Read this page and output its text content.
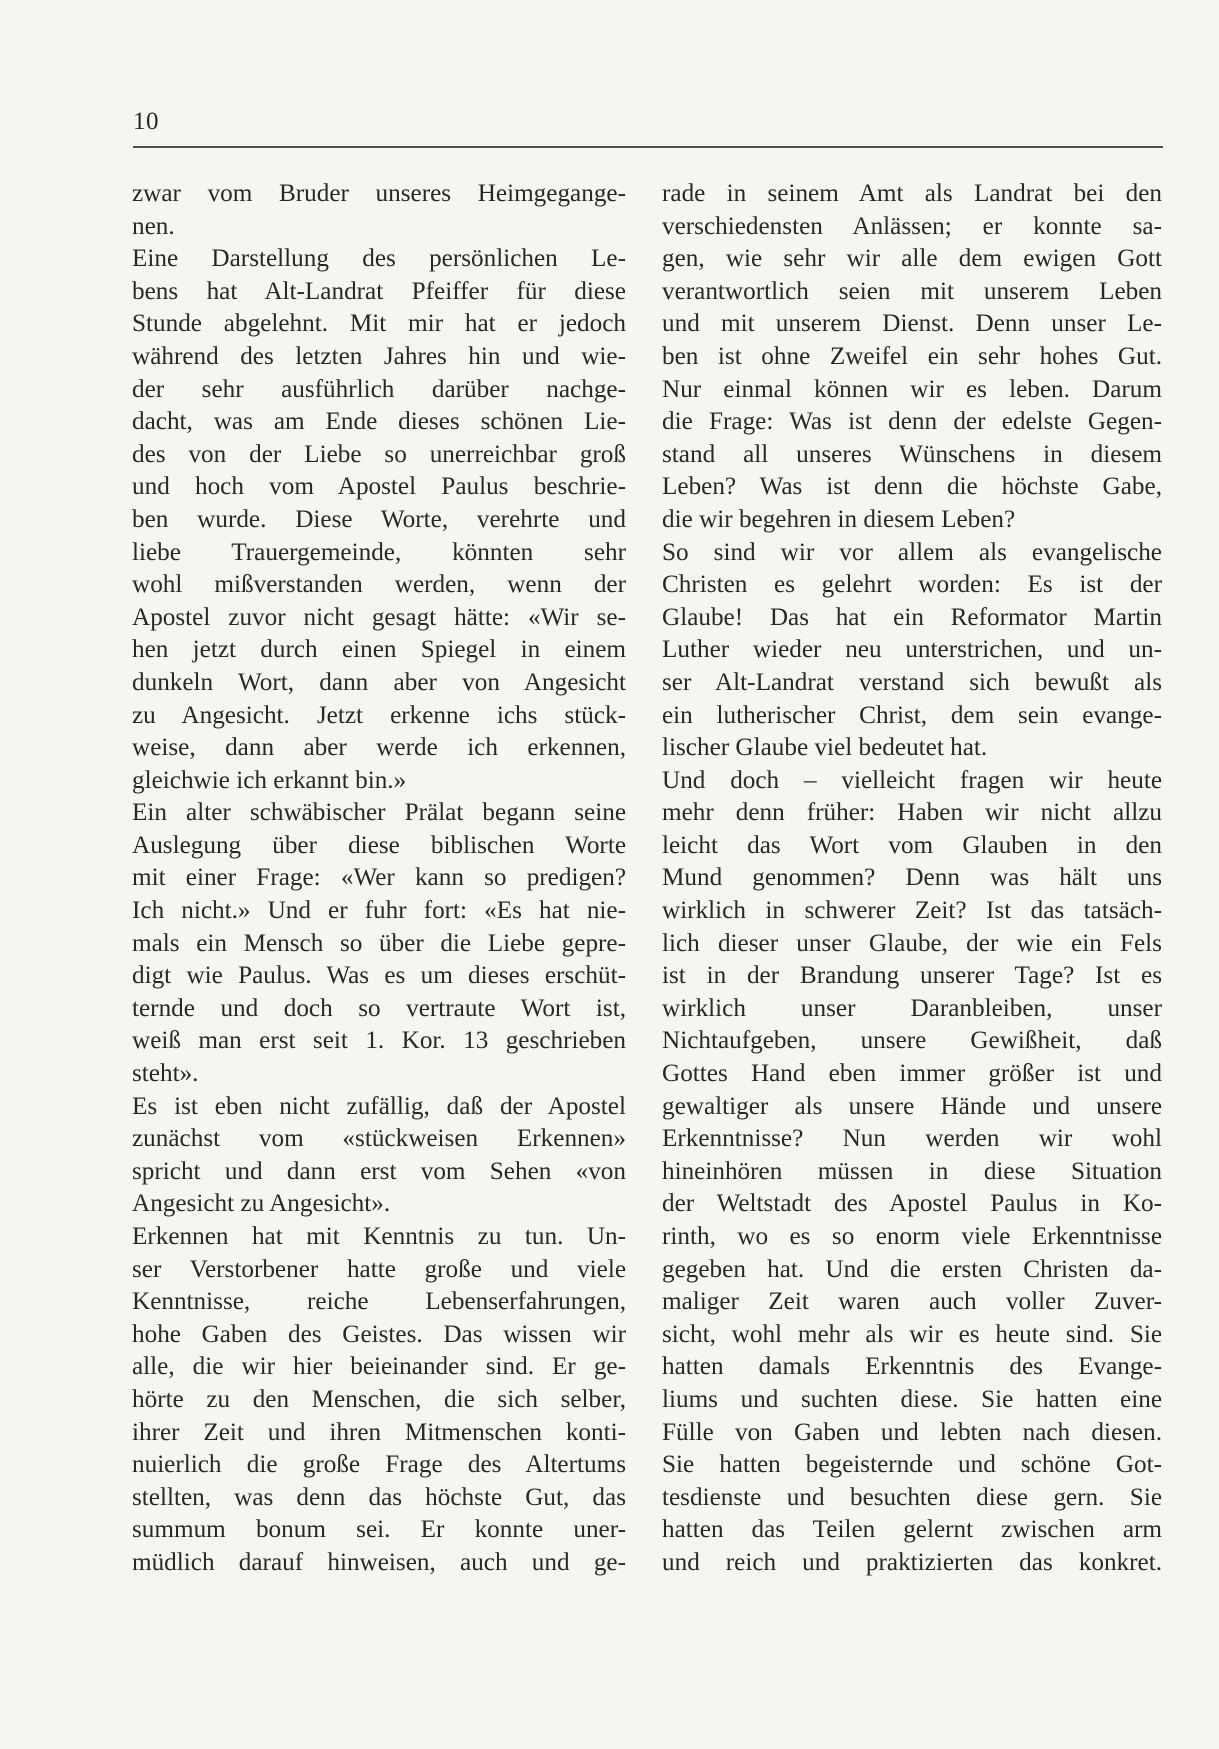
10
zwar vom Bruder unseres Heimgegange-
nen.
Eine Darstellung des persönlichen Le-
bens hat Alt-Landrat Pfeiffer für diese
Stunde abgelehnt. Mit mir hat er jedoch
während des letzten Jahres hin und wie-
der sehr ausführlich darüber nachge-
dacht, was am Ende dieses schönen Lie-
des von der Liebe so unerreichbar groß
und hoch vom Apostel Paulus beschrie-
ben wurde. Diese Worte, verehrte und
liebe Trauergemeinde, könnten sehr
wohl mißverstanden werden, wenn der
Apostel zuvor nicht gesagt hätte: «Wir se-
hen jetzt durch einen Spiegel in einem
dunkeln Wort, dann aber von Angesicht
zu Angesicht. Jetzt erkenne ichs stück-
weise, dann aber werde ich erkennen,
gleichwie ich erkannt bin.»
Ein alter schwäbischer Prälat begann seine
Auslegung über diese biblischen Worte
mit einer Frage: «Wer kann so predigen?
Ich nicht.» Und er fuhr fort: «Es hat nie-
mals ein Mensch so über die Liebe gepre-
digt wie Paulus. Was es um dieses erschüt-
ternde und doch so vertraute Wort ist,
weiß man erst seit 1. Kor. 13 geschrieben
steht».
Es ist eben nicht zufällig, daß der Apostel
zunächst vom «stückweisen Erkennen»
spricht und dann erst vom Sehen «von
Angesicht zu Angesicht».
Erkennen hat mit Kenntnis zu tun. Un-
ser Verstorbener hatte große und viele
Kenntnisse, reiche Lebenserfahrungen,
hohe Gaben des Geistes. Das wissen wir
alle, die wir hier beieinander sind. Er ge-
hörte zu den Menschen, die sich selber,
ihrer Zeit und ihren Mitmenschen konti-
nuierlich die große Frage des Altertums
stellten, was denn das höchste Gut, das
summum bonum sei. Er konnte uner-
müdlich darauf hinweisen, auch und ge-
rade in seinem Amt als Landrat bei den
verschiedensten Anlässen; er konnte sa-
gen, wie sehr wir alle dem ewigen Gott
verantwortlich seien mit unserem Leben
und mit unserem Dienst. Denn unser Le-
ben ist ohne Zweifel ein sehr hohes Gut.
Nur einmal können wir es leben. Darum
die Frage: Was ist denn der edelste Gegen-
stand all unseres Wünschens in diesem
Leben? Was ist denn die höchste Gabe,
die wir begehren in diesem Leben?
So sind wir vor allem als evangelische
Christen es gelehrt worden: Es ist der
Glaube! Das hat ein Reformator Martin
Luther wieder neu unterstrichen, und un-
ser Alt-Landrat verstand sich bewußt als
ein lutherischer Christ, dem sein evange-
lischer Glaube viel bedeutet hat.
Und doch – vielleicht fragen wir heute
mehr denn früher: Haben wir nicht allzu
leicht das Wort vom Glauben in den
Mund genommen? Denn was hält uns
wirklich in schwerer Zeit? Ist das tatsäch-
lich dieser unser Glaube, der wie ein Fels
ist in der Brandung unserer Tage? Ist es
wirklich unser Daranbleiben, unser
Nichtaufgeben, unsere Gewißheit, daß
Gottes Hand eben immer größer ist und
gewaltiger als unsere Hände und unsere
Erkenntnisse? Nun werden wir wohl
hineinhören müssen in diese Situation
der Weltstadt des Apostel Paulus in Ko-
rinth, wo es so enorm viele Erkenntnisse
gegeben hat. Und die ersten Christen da-
maliger Zeit waren auch voller Zuver-
sicht, wohl mehr als wir es heute sind. Sie
hatten damals Erkenntnis des Evange-
liums und suchten diese. Sie hatten eine
Fülle von Gaben und lebten nach diesen.
Sie hatten begeisternde und schöne Got-
tesdienste und besuchten diese gern. Sie
hatten das Teilen gelernt zwischen arm
und reich und praktizierten das konkret.
